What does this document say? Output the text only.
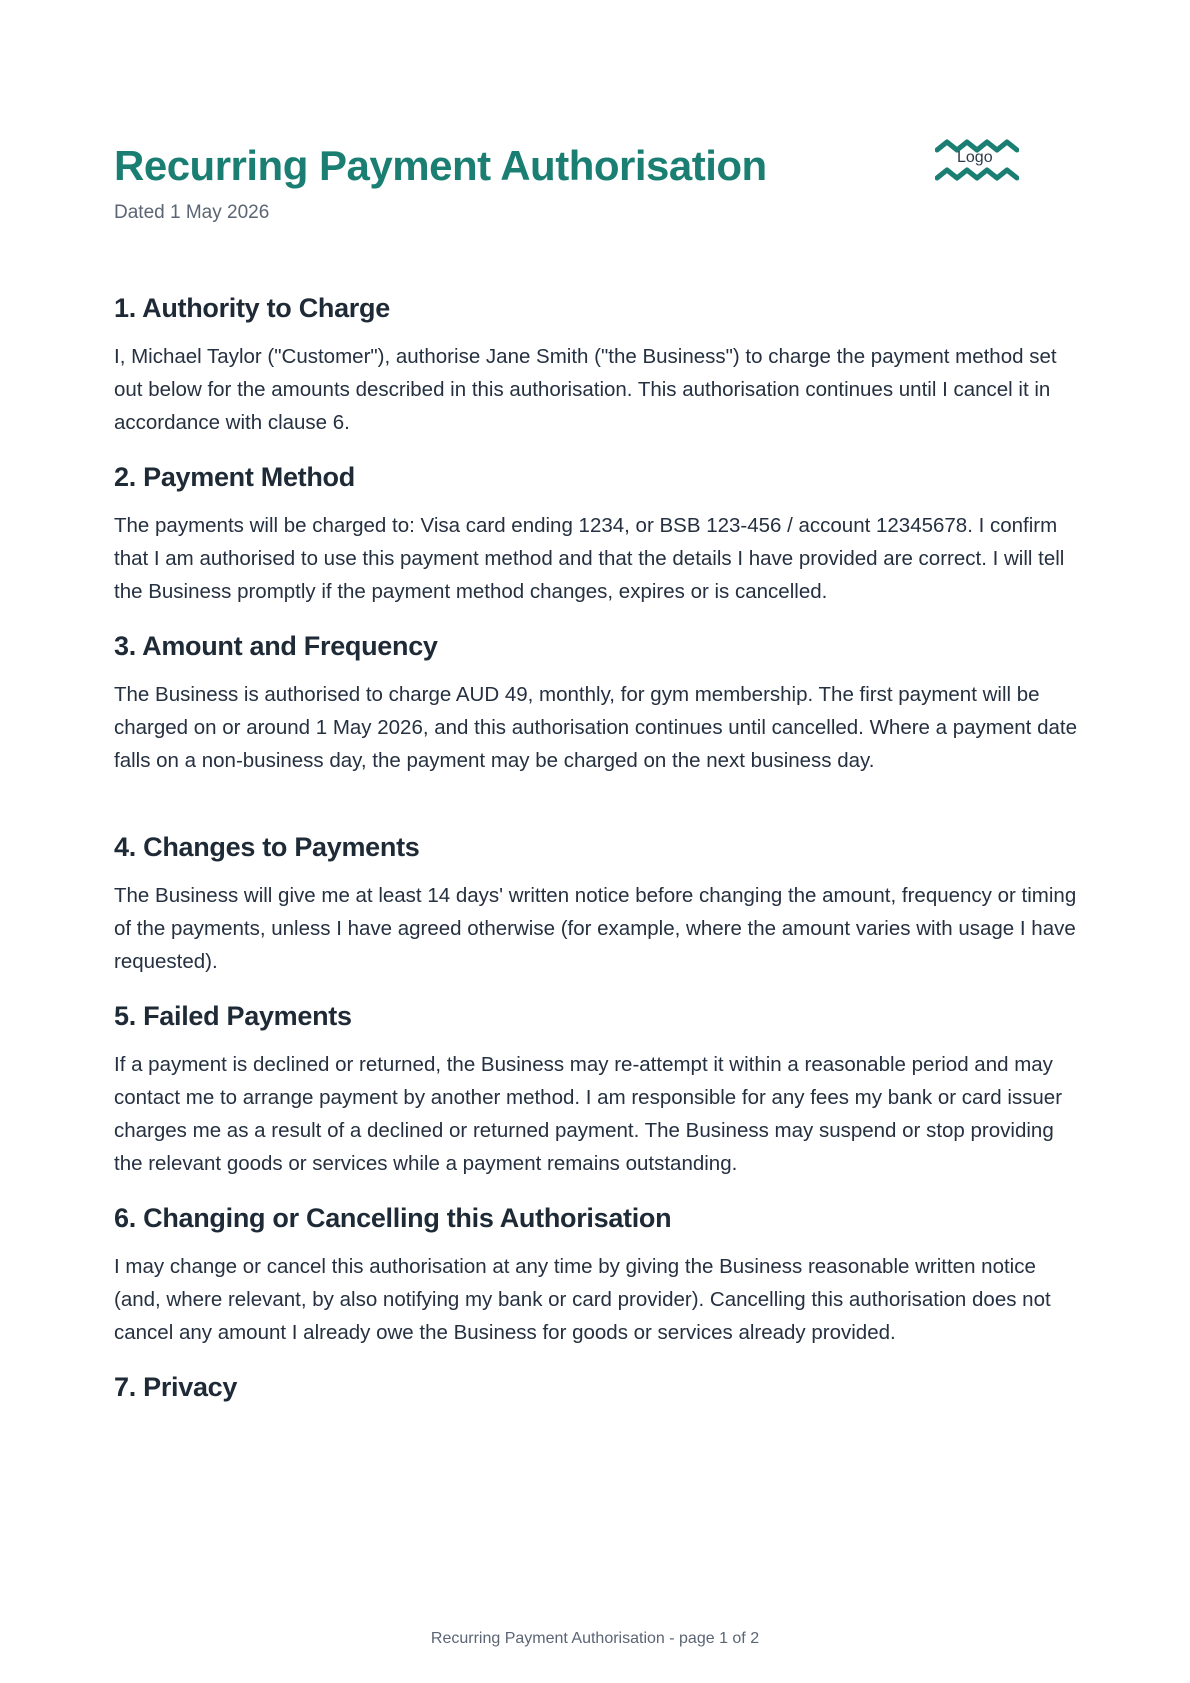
Recurring Payment Authorisation
Dated 1 May 2026
Logo
1. Authority to Charge

I, Michael Taylor ("Customer"), authorise Jane Smith ("the Business") to charge the payment method set out below for the amounts described in this authorisation. This authorisation continues until I cancel it in accordance with clause 6.

2. Payment Method

The payments will be charged to: Visa card ending 1234, or BSB 123-456 / account 12345678. I confirm that I am authorised to use this payment method and that the details I have provided are correct. I will tell the Business promptly if the payment method changes, expires or is cancelled.

3. Amount and Frequency

The Business is authorised to charge AUD 49, monthly, for gym membership. The first payment will be charged on or around 1 May 2026, and this authorisation continues until cancelled. Where a payment date falls on a non-business day, the payment may be charged on the next business day.

4. Changes to Payments

The Business will give me at least 14 days' written notice before changing the amount, frequency or timing of the payments, unless I have agreed otherwise (for example, where the amount varies with usage I have requested).

5. Failed Payments

If a payment is declined or returned, the Business may re-attempt it within a reasonable period and may contact me to arrange payment by another method. I am responsible for any fees my bank or card issuer charges me as a result of a declined or returned payment. The Business may suspend or stop providing the relevant goods or services while a payment remains outstanding.

6. Changing or Cancelling this Authorisation

I may change or cancel this authorisation at any time by giving the Business reasonable written notice (and, where relevant, by also notifying my bank or card provider). Cancelling this authorisation does not cancel any amount I already owe the Business for goods or services already provided.

7. Privacy
Recurring Payment Authorisation - page 1 of 2
